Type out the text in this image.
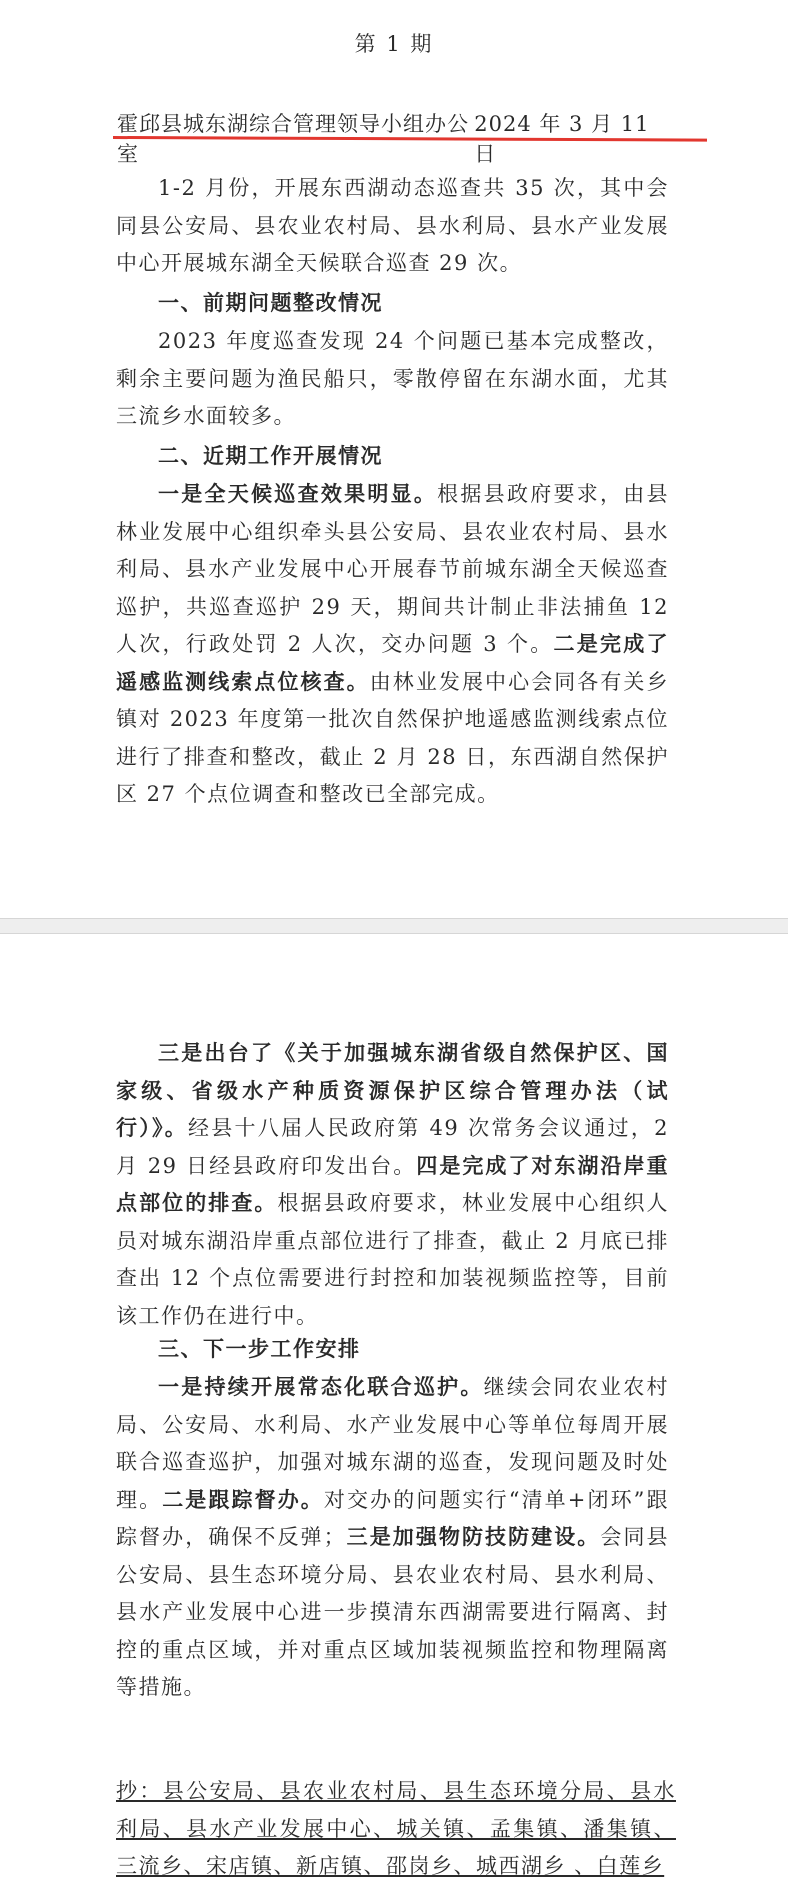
第 1 期
霍邱县城东湖综合管理领导小组办公室
2024 年 3 月 11 日

1-2 月份，开展东西湖动态巡查共 35 次，其中会同县公安局、县农业农村局、县水利局、县水产业发展中心开展城东湖全天候联合巡查 29 次。

一、前期问题整改情况

2023 年度巡查发现 24 个问题已基本完成整改，剩余主要问题为渔民船只，零散停留在东湖水面，尤其三流乡水面较多。

二、近期工作开展情况

一是全天候巡查效果明显。根据县政府要求，由县林业发展中心组织牵头县公安局、县农业农村局、县水利局、县水产业发展中心开展春节前城东湖全天候巡查巡护，共巡查巡护 29 天，期间共计制止非法捕鱼 12 人次，行政处罚 2 人次，交办问题 3 个。二是完成了遥感监测线索点位核查。由林业发展中心会同各有关乡镇对 2023 年度第一批次自然保护地遥感监测线索点位进行了排查和整改，截止 2 月 28 日，东西湖自然保护区 27 个点位调查和整改已全部完成。

三是出台了《关于加强城东湖省级自然保护区、国家级、省级水产种质资源保护区综合管理办法（试行）》。经县十八届人民政府第 49 次常务会议通过，2 月 29 日经县政府印发出台。四是完成了对东湖沿岸重点部位的排查。根据县政府要求，林业发展中心组织人员对城东湖沿岸重点部位进行了排查，截止 2 月底已排查出 12 个点位需要进行封控和加装视频监控等，目前该工作仍在进行中。

三、下一步工作安排

一是持续开展常态化联合巡护。继续会同农业农村局、公安局、水利局、水产业发展中心等单位每周开展联合巡查巡护，加强对城东湖的巡查，发现问题及时处理。二是跟踪督办。对交办的问题实行“清单+闭环”跟踪督办，确保不反弹；三是加强物防技防建设。会同县公安局、县生态环境分局、县农业农村局、县水利局、县水产业发展中心进一步摸清东西湖需要进行隔离、封控的重点区域，并对重点区域加装视频监控和物理隔离等措施。

抄：县公安局、县农业农村局、县生态环境分局、县水利局、县水产业发展中心、城关镇、孟集镇、潘集镇、三流乡、宋店镇、新店镇、邵岗乡、城西湖乡 、白莲乡
